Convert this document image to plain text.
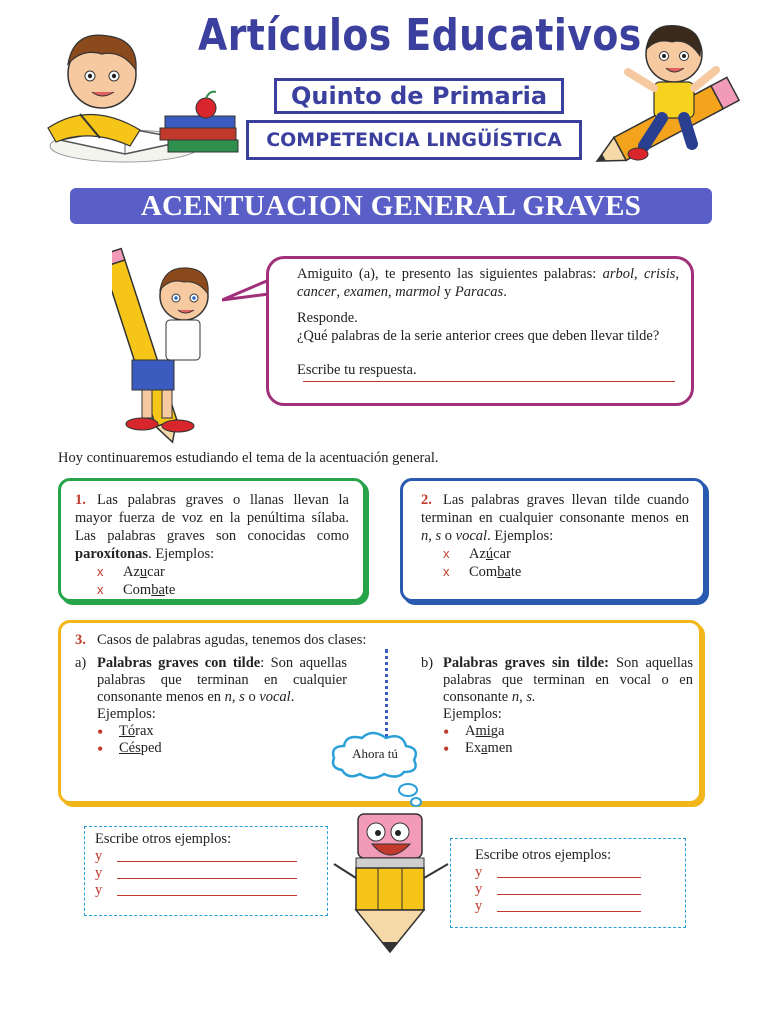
Artículos Educativos
Quinto de Primaria
COMPETENCIA LINGÜÍSTICA
ACENTUACION GENERAL GRAVES

Amiguito (a), te presento las siguientes palabras: arbol, crisis, cancer, examen, marmol y Paracas.

Responde.

¿Qué palabras de la serie anterior crees que deben llevar tilde?

Escribe tu respuesta.

Hoy continuaremos estudiando el tema de la acentuación general.
1. Las palabras graves o llanas llevan la mayor fuerza de voz en la penúltima sílaba. Las palabras graves son conocidas como paroxítonas. Ejemplos:
x	Az u car
x	Com ba te
2. Las palabras graves llevan tilde cuando terminan en cualquier consonante menos en n, s o vocal. Ejemplos:
x	Az ú car
x	Com ba te
3. Casos de palabras agudas, tenemos dos clases:
a) Palabras graves con tilde: Son aquellas palabras que terminan en cualquier consonante menos en n, s o vocal.
Ejemplos:
•	Tó rax
•	Cés ped
b) Palabras graves sin tilde: Son aquellas palabras que terminan en vocal o en consonante n, s.
Ejemplos:
•	A mi ga
•	Ex a men
Ahora tú
Escribe otros ejemplos:
y
y
y
Escribe otros ejemplos:
y
y
y
